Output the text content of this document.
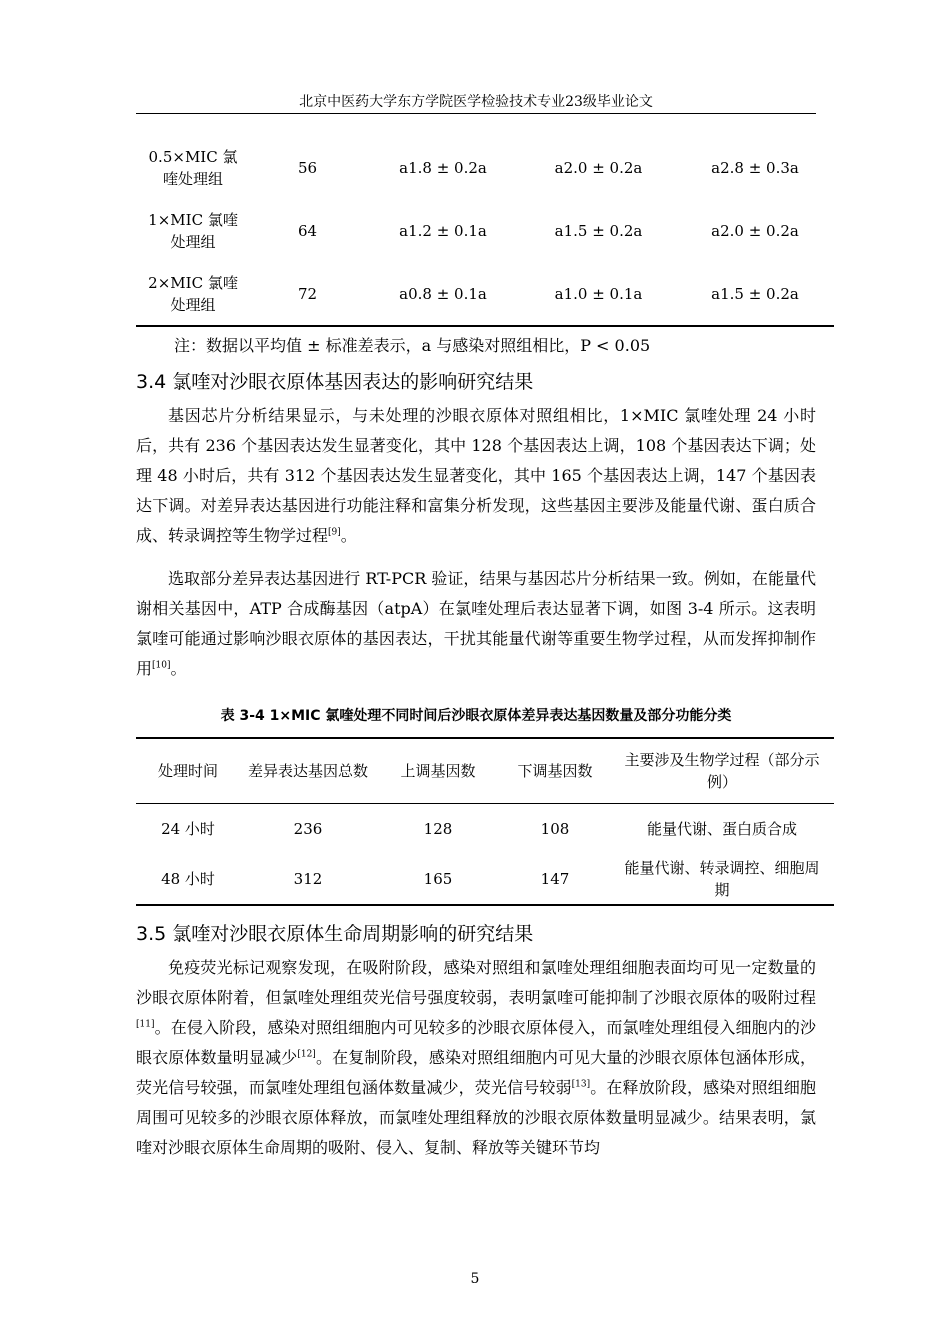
北京中医药大学东方学院医学检验技术专业23级毕业论文
0.5×MIC 氯喹处理组	56	a1.8 ± 0.2a	a2.0 ± 0.2a	a2.8 ± 0.3a
1×MIC 氯喹处理组	64	a1.2 ± 0.1a	a1.5 ± 0.2a	a2.0 ± 0.2a
2×MIC 氯喹处理组	72	a0.8 ± 0.1a	a1.0 ± 0.1a	a1.5 ± 0.2a
注：数据以平均值 ± 标准差表示，a 与感染对照组相比，P < 0.05
3.4 氯喹对沙眼衣原体基因表达的影响研究结果

基因芯片分析结果显示，与未处理的沙眼衣原体对照组相比，1×MIC 氯喹处理 24 小时后，共有 236 个基因表达发生显著变化，其中 128 个基因表达上调，108 个基因表达下调；处理 48 小时后，共有 312 个基因表达发生显著变化，其中 165 个基因表达上调，147 个基因表达下调。对差异表达基因进行功能注释和富集分析发现，这些基因主要涉及能量代谢、蛋白质合成、转录调控等生物学过程[9]。

选取部分差异表达基因进行 RT-PCR 验证，结果与基因芯片分析结果一致。例如，在能量代谢相关基因中，ATP 合成酶基因（atpA）在氯喹处理后表达显著下调，如图 3-4 所示。这表明氯喹可能通过影响沙眼衣原体的基因表达，干扰其能量代谢等重要生物学过程，从而发挥抑制作用[10]。

表 3-4 1×MIC 氯喹处理不同时间后沙眼衣原体差异表达基因数量及部分功能分类
处理时间	差异表达基因总数	上调基因数	下调基因数	主要涉及生物学过程（部分示例）
24 小时	236	128	108	能量代谢、蛋白质合成
48 小时	312	165	147	能量代谢、转录调控、细胞周期
3.5 氯喹对沙眼衣原体生命周期影响的研究结果

免疫荧光标记观察发现，在吸附阶段，感染对照组和氯喹处理组细胞表面均可见一定数量的沙眼衣原体附着，但氯喹处理组荧光信号强度较弱，表明氯喹可能抑制了沙眼衣原体的吸附过程[11]。在侵入阶段，感染对照组细胞内可见较多的沙眼衣原体侵入，而氯喹处理组侵入细胞内的沙眼衣原体数量明显减少[12]。在复制阶段，感染对照组细胞内可见大量的沙眼衣原体包涵体形成，荧光信号较强，而氯喹处理组包涵体数量减少，荧光信号较弱[13]。在释放阶段，感染对照组细胞周围可见较多的沙眼衣原体释放，而氯喹处理组释放的沙眼衣原体数量明显减少。结果表明，氯喹对沙眼衣原体生命周期的吸附、侵入、复制、释放等关键环节均

5
